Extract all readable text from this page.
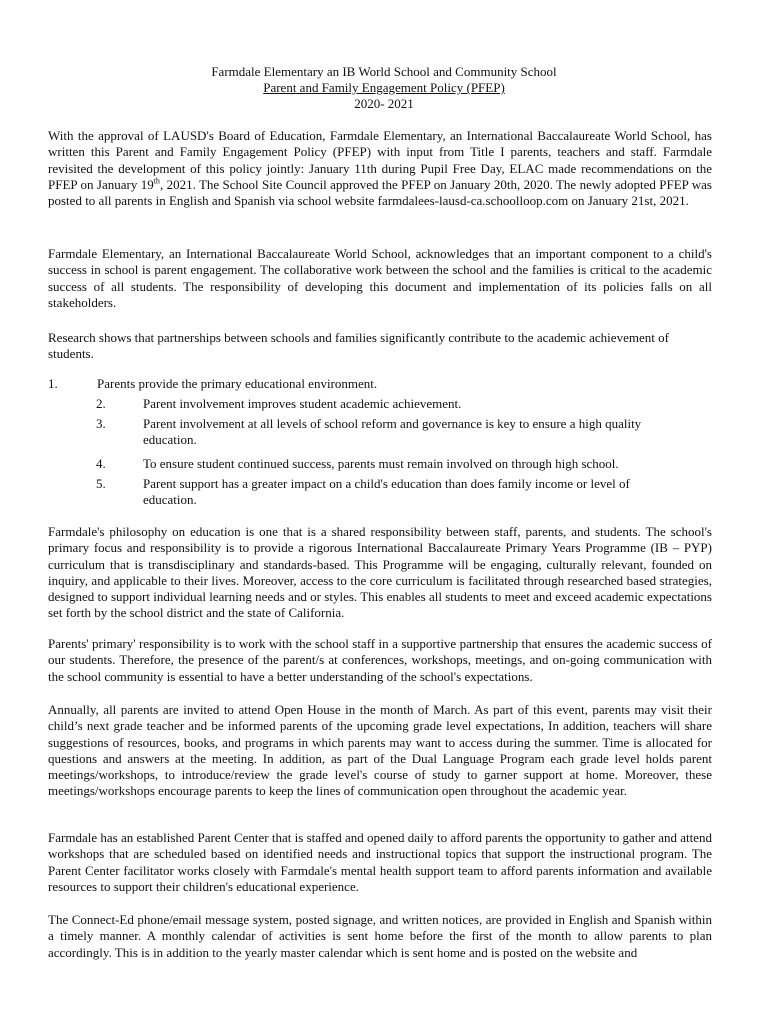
Farmdale Elementary an IB World School and Community School
Parent and Family Engagement Policy (PFEP)
2020- 2021

With the approval of LAUSD's Board of Education, Farmdale Elementary, an International Baccalaureate World School, has written this Parent and Family Engagement Policy (PFEP) with input from Title I parents, teachers and staff. Farmdale revisited the development of this policy jointly: January 11th during Pupil Free Day, ELAC made recommendations on the PFEP on January 19th, 2021. The School Site Council approved the PFEP on January 20th, 2020. The newly adopted PFEP was posted to all parents in English and Spanish via school website farmdalees-lausd-ca.schoolloop.com on January 21st, 2021.

Farmdale Elementary, an International Baccalaureate World School, acknowledges that an important component to a child's success in school is parent engagement. The collaborative work between the school and the families is critical to the academic success of all students. The responsibility of developing this document and implementation of its policies falls on all stakeholders.

Research shows that partnerships between schools and families significantly contribute to the academic achievement of students.

1.	Parents provide the primary educational environment.
2.	Parent involvement improves student academic achievement.
3.	Parent involvement at all levels of school reform and governance is key to ensure a high quality education.
4.	To ensure student continued success, parents must remain involved on through high school.
5.	Parent support has a greater impact on a child's education than does family income or level of education.

Farmdale's philosophy on education is one that is a shared responsibility between staff, parents, and students. The school's primary focus and responsibility is to provide a rigorous International Baccalaureate Primary Years Programme (IB – PYP) curriculum that is transdisciplinary and standards-based. This Programme will be engaging, culturally relevant, founded on inquiry, and applicable to their lives. Moreover, access to the core curriculum is facilitated through researched based strategies, designed to support individual learning needs and or styles. This enables all students to meet and exceed academic expectations set forth by the school district and the state of California.

Parents' primary' responsibility is to work with the school staff in a supportive partnership that ensures the academic success of our students. Therefore, the presence of the parent/s at conferences, workshops, meetings, and on-going communication with the school community is essential to have a better understanding of the school's expectations.

Annually, all parents are invited to attend Open House in the month of March. As part of this event, parents may visit their child’s next grade teacher and be informed parents of the upcoming grade level expectations, In addition, teachers will share suggestions of resources, books, and programs in which parents may want to access during the summer. Time is allocated for questions and answers at the meeting. In addition, as part of the Dual Language Program each grade level holds parent meetings/workshops, to introduce/review the grade level's course of study to garner support at home. Moreover, these meetings/workshops encourage parents to keep the lines of communication open throughout the academic year.

Farmdale has an established Parent Center that is staffed and opened daily to afford parents the opportunity to gather and attend workshops that are scheduled based on identified needs and instructional topics that support the instructional program. The Parent Center facilitator works closely with Farmdale's mental health support team to afford parents information and available resources to support their children's educational experience.

The Connect-Ed phone/email message system, posted signage, and written notices, are provided in English and Spanish within a timely manner. A monthly calendar of activities is sent home before the first of the month to allow parents to plan accordingly. This is in addition to the yearly master calendar which is sent home and is posted on the website and
